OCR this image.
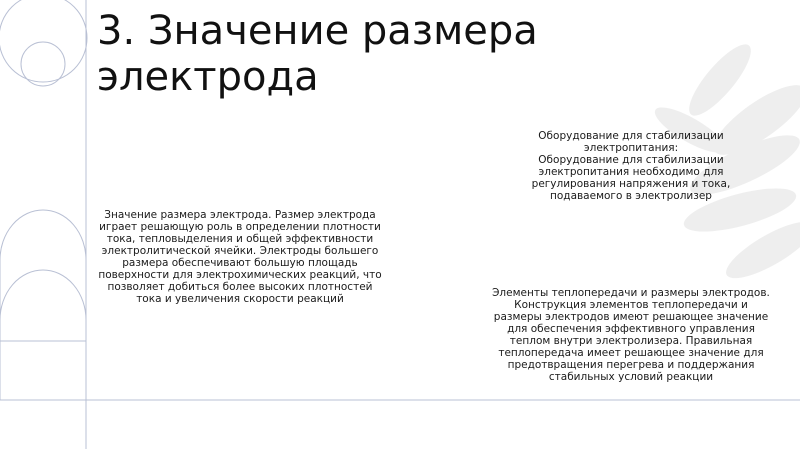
3. Значение размера электрода

Значение размера электрода. Размер электрода играет решающую роль в определении плотности тока, тепловыделения и общей эффективности электролитической ячейки. Электроды большего размера обеспечивают большую площадь поверхности для электрохимических реакций, что позволяет добиться более высоких плотностей тока и увеличения скорости реакций

Оборудование для стабилизации электропитания:
Оборудование для стабилизации электропитания необходимо для регулирования напряжения и тока, подаваемого в электролизер

Элементы теплопередачи и размеры электродов.
Конструкция элементов теплопередачи и размеры электродов имеют решающее значение для обеспечения эффективного управления теплом внутри электролизера. Правильная теплопередача имеет решающее значение для предотвращения перегрева и поддержания стабильных условий реакции
